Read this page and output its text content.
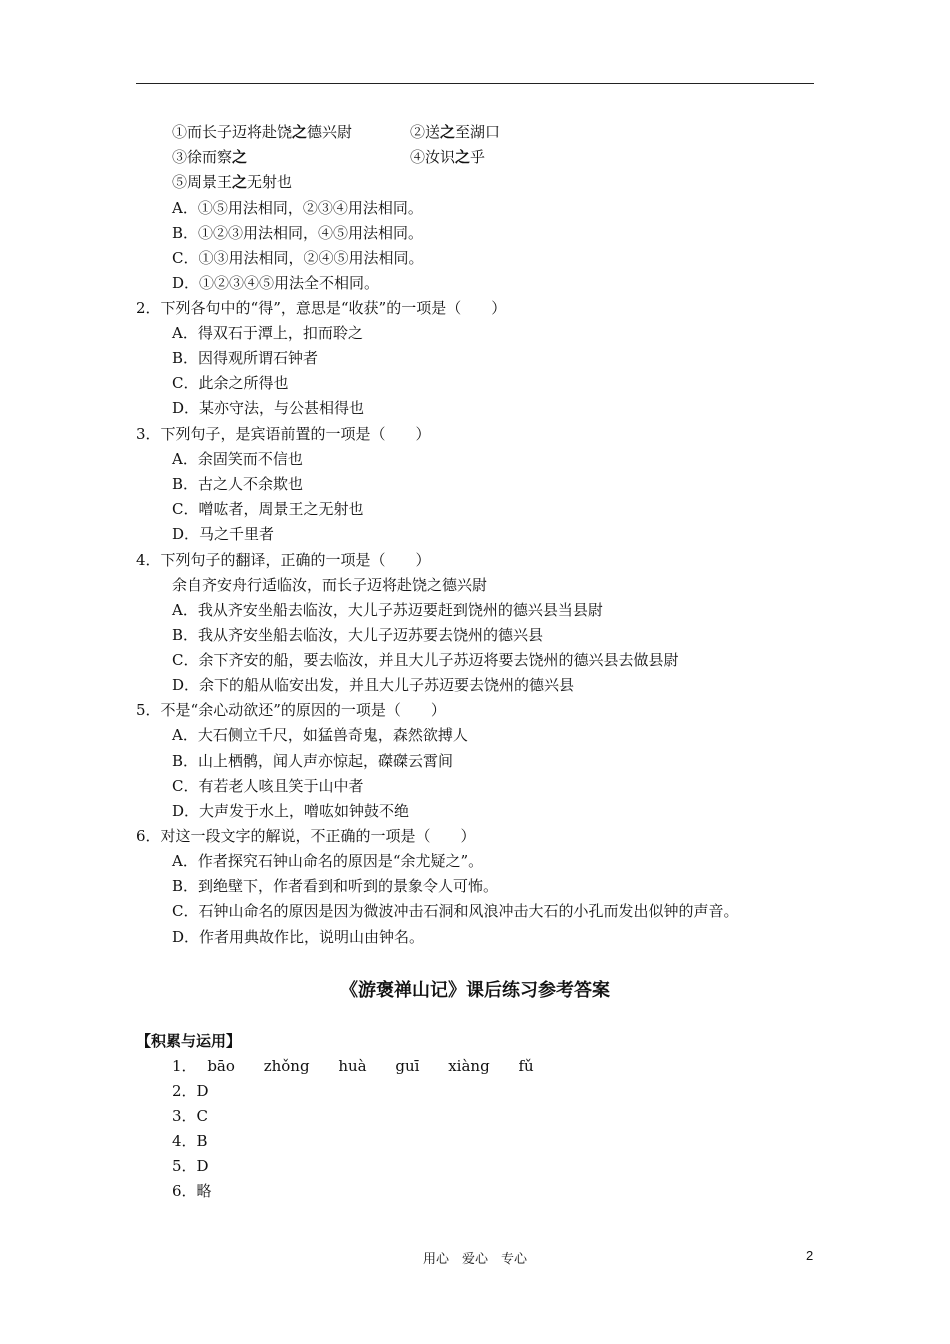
①而长子迈将赴饶之德兴尉	②送之至湖口
③徐而察之	④汝识之乎
⑤周景王之无射也
A．①⑤用法相同，②③④用法相同。
B．①②③用法相同，④⑤用法相同。
C．①③用法相同，②④⑤用法相同。
D．①②③④⑤用法全不相同。
2．下列各句中的“得”，意思是“收获”的一项是（　　）
A．得双石于潭上，扣而聆之
B．因得观所谓石钟者
C．此余之所得也
D．某亦守法，与公甚相得也
3．下列句子，是宾语前置的一项是（　　）
A．余固笑而不信也
B．古之人不余欺也
C．噌吰者，周景王之无射也
D．马之千里者
4．下列句子的翻译，正确的一项是（　　）
余自齐安舟行适临汝，而长子迈将赴饶之德兴尉
A．我从齐安坐船去临汝，大儿子苏迈要赶到饶州的德兴县当县尉
B．我从齐安坐船去临汝，大儿子迈苏要去饶州的德兴县
C．余下齐安的船，要去临汝，并且大儿子苏迈将要去饶州的德兴县去做县尉
D．余下的船从临安出发，并且大儿子苏迈要去饶州的德兴县
5．不是“余心动欲还”的原因的一项是（　　）
A．大石侧立千尺，如猛兽奇鬼，森然欲搏人
B．山上栖鹘，闻人声亦惊起，磔磔云霄间
C．有若老人咳且笑于山中者
D．大声发于水上，噌吰如钟鼓不绝
6．对这一段文字的解说，不正确的一项是（　　）
A．作者探究石钟山命名的原因是“余尤疑之”。
B．到绝壁下，作者看到和听到的景象令人可怖。
C．石钟山命名的原因是因为微波冲击石洞和风浪冲击大石的小孔而发出似钟的声音。
D．作者用典故作比，说明山由钟名。
《游褒禅山记》课后练习参考答案
【积累与运用】
1． bāo zhǒng huà guī xiàng fǔ
2．D
3．C
4．B
5．D
6．略
用心　爱心　专心	2
